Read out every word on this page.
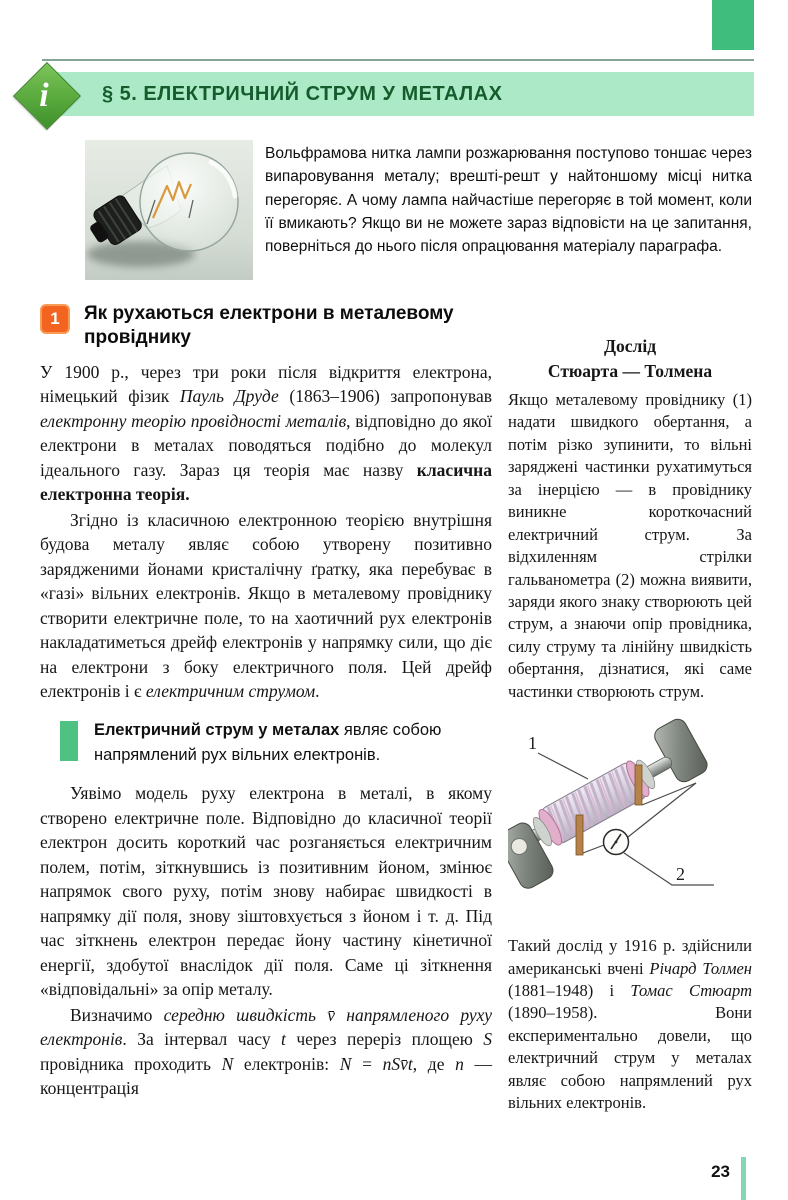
§ 5. ЕЛЕКТРИЧНИЙ СТРУМ У МЕТАЛАХ
i

Вольфрамова нитка лампи розжарювання поступово тоншає через випаровування металу; врешті-решт у найтоншому місці нитка перегоряє. А чому лампа найчастіше перегоряє в той момент, коли її вмикають? Якщо ви не можете зараз відповісти на це запитання, поверніться до нього після опрацювання матеріалу параграфа.

1	Як рухаються електрони в металевому провіднику

У 1900 р., через три роки після відкриття електрона, німецький фізик Пауль Друде (1863–1906) запропонував електронну теорію провідності металів, відповідно до якої електрони в металах поводяться подібно до молекул ідеального газу. Зараз ця теорія має назву класична електронна теорія.

Згідно із класичною електронною теорією внутрішня будова металу являє собою утворену позитивно зарядженими йонами кристалічну ґратку, яка перебуває в «газі» вільних електронів. Якщо в металевому провіднику створити електричне поле, то на хаотичний рух електронів накладатиметься дрейф електронів у напрямку сили, що діє на електрони з боку електричного поля. Цей дрейф електронів і є електричним струмом.

Електричний струм у металах являє собою напрямлений рух вільних електронів.

Уявімо модель руху електрона в металі, в якому створено електричне поле. Відповідно до класичної теорії електрон досить короткий час розганяється електричним полем, потім, зіткнувшись із позитивним йоном, змінює напрямок свого руху, потім знову набирає швидкості в напрямку дії поля, знову зіштовхується з йоном і т. д. Під час зіткнень електрон передає йону частину кінетичної енергії, здобутої внаслідок дії поля. Саме ці зіткнення «відповідальні» за опір металу.

Визначимо середню швидкість v̄ напрямленого руху електронів. За інтервал часу t через переріз площею S провідника проходить N електронів: N = nSv̄t, де n — концентрація

Дослід
Стюарта — Толмена

Якщо металевому провіднику (1) надати швидкого обертання, а потім різко зупинити, то вільні заряджені частинки рухатимуться за інерцією — в провіднику виникне короткочасний електричний струм. За відхиленням стрілки гальванометра (2) можна виявити, заряди якого знаку створюють цей струм, а знаючи опір провідника, силу струму та лінійну швидкість обертання, дізнатися, які саме частинки створюють струм.

1
2

Такий дослід у 1916 р. здійснили американські вчені Річард Толмен (1881–1948) і Томас Стюарт (1890–1958). Вони експериментально довели, що електричний струм у металах являє собою напрямлений рух вільних електронів.

23
